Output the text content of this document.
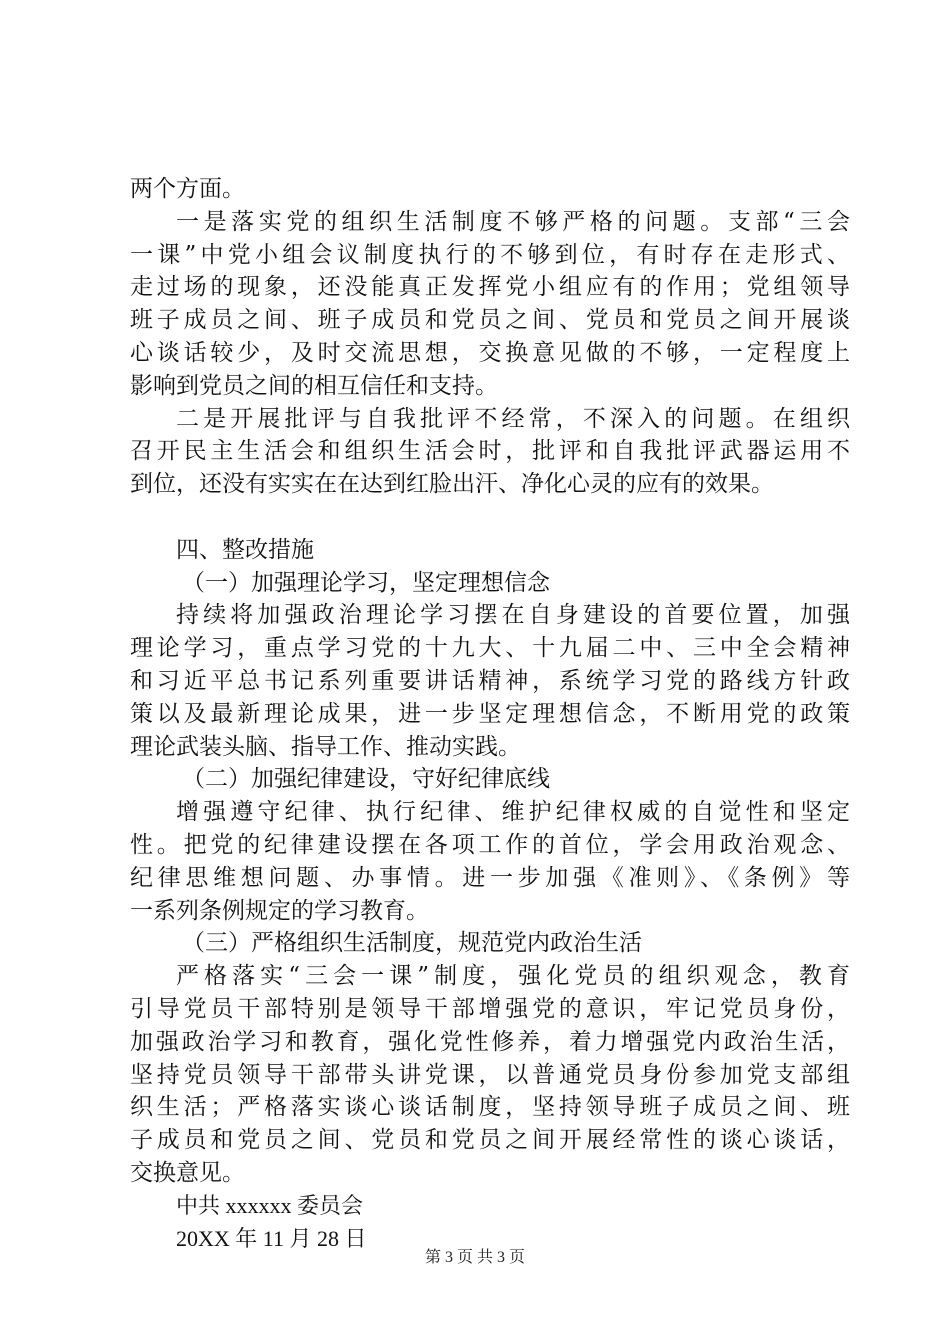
两个方面。
一是落实党的组织生活制度不够严格的问题。支部“三会
一课”中党小组会议制度执行的不够到位，有时存在走形式、
走过场的现象，还没能真正发挥党小组应有的作用；党组领导
班子成员之间、班子成员和党员之间、党员和党员之间开展谈
心谈话较少，及时交流思想，交换意见做的不够，一定程度上
影响到党员之间的相互信任和支持。
二是开展批评与自我批评不经常，不深入的问题。在组织
召开民主生活会和组织生活会时，批评和自我批评武器运用不
到位，还没有实实在在达到红脸出汗、净化心灵的应有的效果。
四、整改措施
（一）加强理论学习，坚定理想信念
持续将加强政治理论学习摆在自身建设的首要位置，加强
理论学习，重点学习党的十九大、十九届二中、三中全会精神
和习近平总书记系列重要讲话精神，系统学习党的路线方针政
策以及最新理论成果，进一步坚定理想信念，不断用党的政策
理论武装头脑、指导工作、推动实践。
（二）加强纪律建设，守好纪律底线
增强遵守纪律、执行纪律、维护纪律权威的自觉性和坚定
性。把党的纪律建设摆在各项工作的首位，学会用政治观念、
纪律思维想问题、办事情。进一步加强《准则》、《条例》等
一系列条例规定的学习教育。
（三）严格组织生活制度，规范党内政治生活
严格落实“三会一课”制度，强化党员的组织观念，教育
引导党员干部特别是领导干部增强党的意识，牢记党员身份，
加强政治学习和教育，强化党性修养，着力增强党内政治生活，
坚持党员领导干部带头讲党课，以普通党员身份参加党支部组
织生活；严格落实谈心谈话制度，坚持领导班子成员之间、班
子成员和党员之间、党员和党员之间开展经常性的谈心谈话，
交换意见。
中共 xxxxxx 委员会
20XX 年 11 月 28 日
第 3 页 共 3 页
